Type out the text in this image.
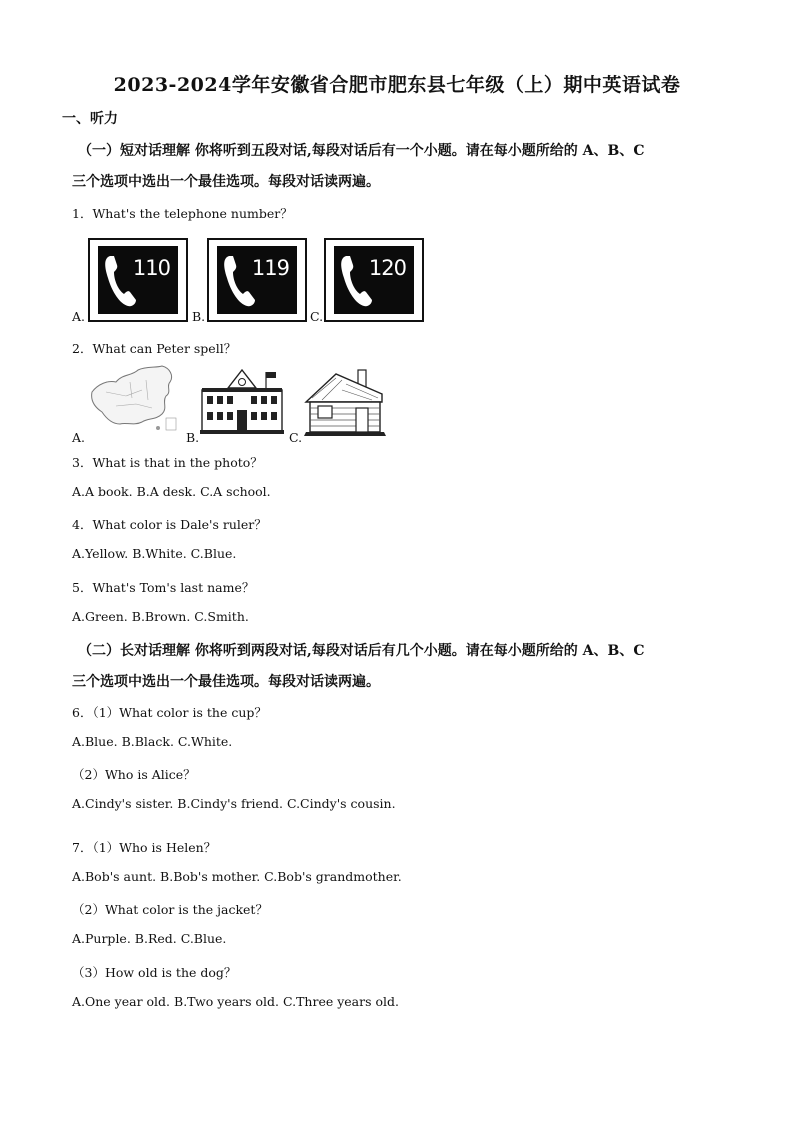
2023-2024学年安徽省合肥市肥东县七年级（上）期中英语试卷
一、听力
（一）短对话理解 你将听到五段对话,每段对话后有一个小题。请在每小题所给的 A、B、C
三个选项中选出一个最佳选项。每段对话读两遍。
1．What's the telephone number？
110	119	120
A.	B.	C.
2．What can Peter spell？
A.	B.	C.
3．What is that in the photo？
A.A book. B.A desk. C.A school.
4．What color is Dale's ruler？
A.Yellow. B.White. C.Blue.
5．What's Tom's last name？
A.Green. B.Brown. C.Smith.
（二）长对话理解 你将听到两段对话,每段对话后有几个小题。请在每小题所给的 A、B、C
三个选项中选出一个最佳选项。每段对话读两遍。
6．（1）What color is the cup？
A.Blue. B.Black. C.White.
（2）Who is Alice？
A.Cindy's sister. B.Cindy's friend. C.Cindy's cousin.
7．（1）Who is Helen？
A.Bob's aunt. B.Bob's mother. C.Bob's grandmother.
（2）What color is the jacket？
A.Purple. B.Red. C.Blue.
（3）How old is the dog？
A.One year old. B.Two years old. C.Three years old.
